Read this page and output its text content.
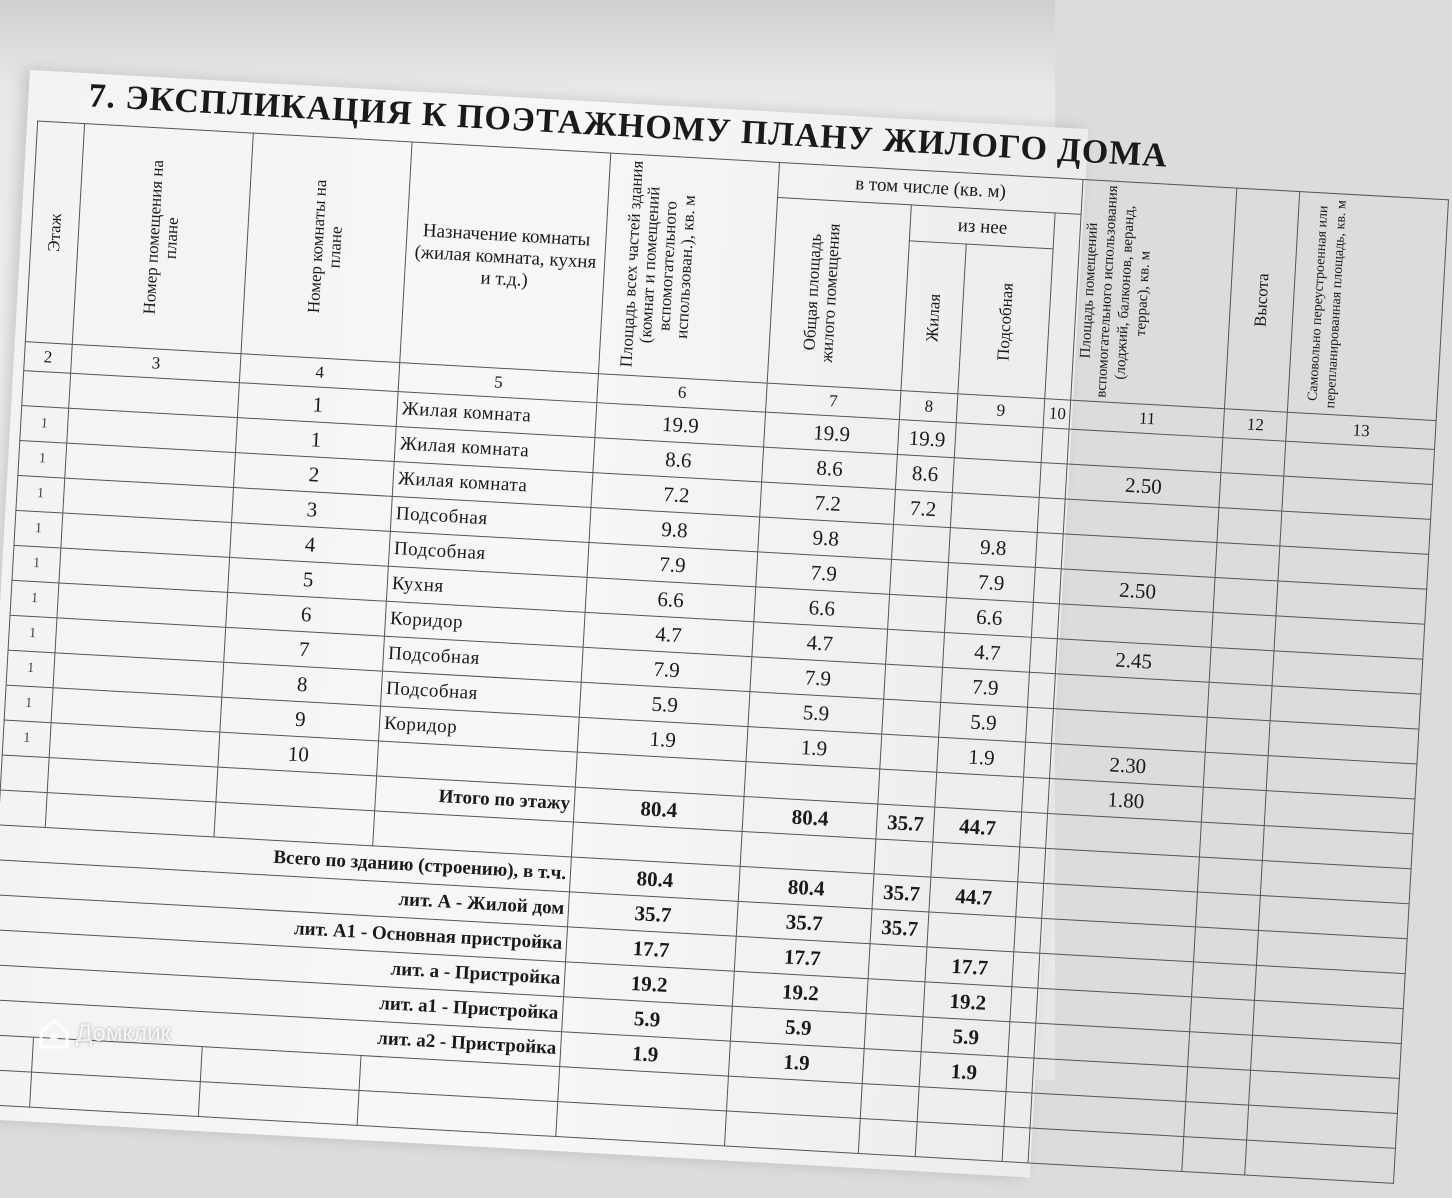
7. ЭКСПЛИКАЦИЯ К ПОЭТАЖНОМУ ПЛАНУ ЖИЛОГО ДОМА
Этаж	Номер помещения на плане	Номер комнаты на плане	Назначение комнаты (жилая комната, кухня и т.д.)	Площадь всех частей здания (комнат и помещений вспомогательного использован.), кв. м	в том числе (кв. м)				Площадь помещений вспомогательного использования (лоджий, балконов, веранд, террас), кв. м	Высота	Самовольно переустроенная или перепланированная площадь, кв. м
					Общая площадь жилого помещения	из нее					
						Жилая	Подсобная				
2	3	4	5	6	7	8	9	10	11	12	13
		1	Жилая комната	19.9	19.9	19.9					
1		1	Жилая комната	8.6	8.6	8.6			2.50		
1		2	Жилая комната	7.2	7.2	7.2					
1		3	Подсобная	9.8	9.8		9.8				
1		4	Подсобная	7.9	7.9		7.9		2.50		
1		5	Кухня	6.6	6.6		6.6				
1		6	Коридор	4.7	4.7		4.7		2.45		
1		7	Подсобная	7.9	7.9		7.9				
1		8	Подсобная	5.9	5.9		5.9				
1		9	Коридор	1.9	1.9		1.9		2.30		
1		10							1.80		
			Итого по этажу	80.4	80.4	35.7	44.7				

Всего по зданию (строению), в т.ч.				80.4	80.4	35.7	44.7				
лит. А - Жилой дом				35.7	35.7	35.7					
лит. А1 - Основная пристройка				17.7	17.7		17.7				
лит. а - Пристройка				19.2	19.2		19.2				
лит. а1 - Пристройка				5.9	5.9		5.9				
лит. а2 - Пристройка				1.9	1.9		1.9				

Домклик
